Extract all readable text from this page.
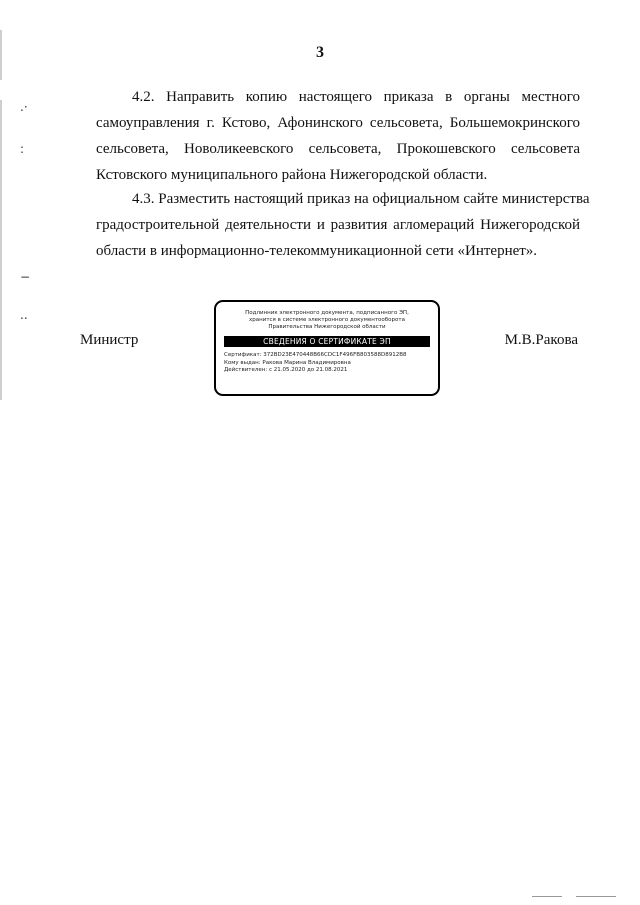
.·
:
−
..
3
4.2. Направить копию настоящего приказа в органы местного
самоуправления г. Кстово, Афонинского сельсовета, Большемокринского
сельсовета, Новоликеевского сельсовета, Прокошевского сельсовета
Кстовского муниципального района Нижегородской области.
4.3. Разместить настоящий приказ на официальном сайте министерства
градостроительной деятельности и развития агломераций Нижегородской
области в информационно-телекоммуникационной сети «Интернет».
Министр
Подлинник электронного документа, подписанного ЭП,
хранится в системе электронного документооборота
Правительства Нижегородской области
СВЕДЕНИЯ О СЕРТИФИКАТЕ ЭП
Сертификат: 372BD23E470448B66CDC1F496FB803588D8912B8
Кому выдан: Ракова Марина Владимировна
Действителен: с 21.05.2020 до 21.08.2021
М.В.Ракова
